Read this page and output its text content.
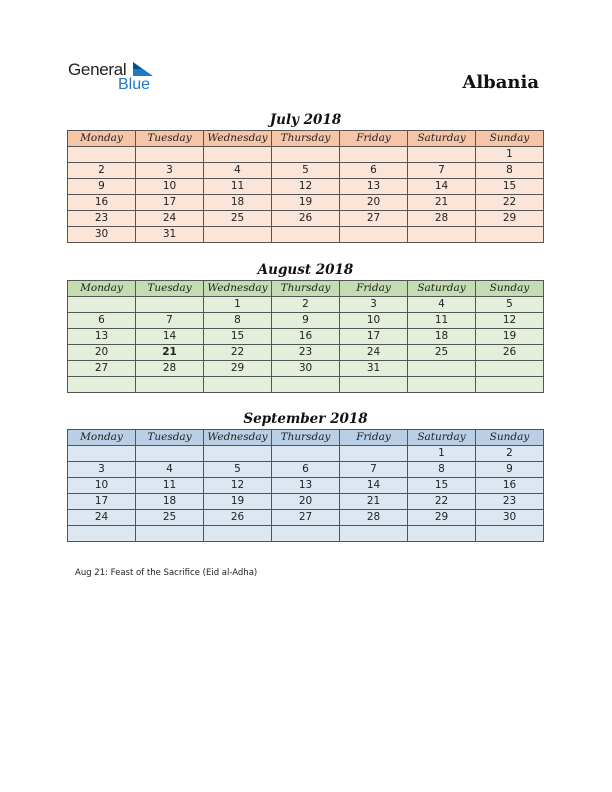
General
Blue	Albania
July 2018
Monday	Tuesday	Wednesday	Thursday	Friday	Saturday	Sunday
						1
2	3	4	5	6	7	8
9	10	11	12	13	14	15
16	17	18	19	20	21	22
23	24	25	26	27	28	29
30	31					
August 2018
Monday	Tuesday	Wednesday	Thursday	Friday	Saturday	Sunday
		1	2	3	4	5
6	7	8	9	10	11	12
13	14	15	16	17	18	19
20	21	22	23	24	25	26
27	28	29	30	31		

September 2018
Monday	Tuesday	Wednesday	Thursday	Friday	Saturday	Sunday
					1	2
3	4	5	6	7	8	9
10	11	12	13	14	15	16
17	18	19	20	21	22	23
24	25	26	27	28	29	30

Aug 21: Feast of the Sacrifice (Eid al-Adha)
